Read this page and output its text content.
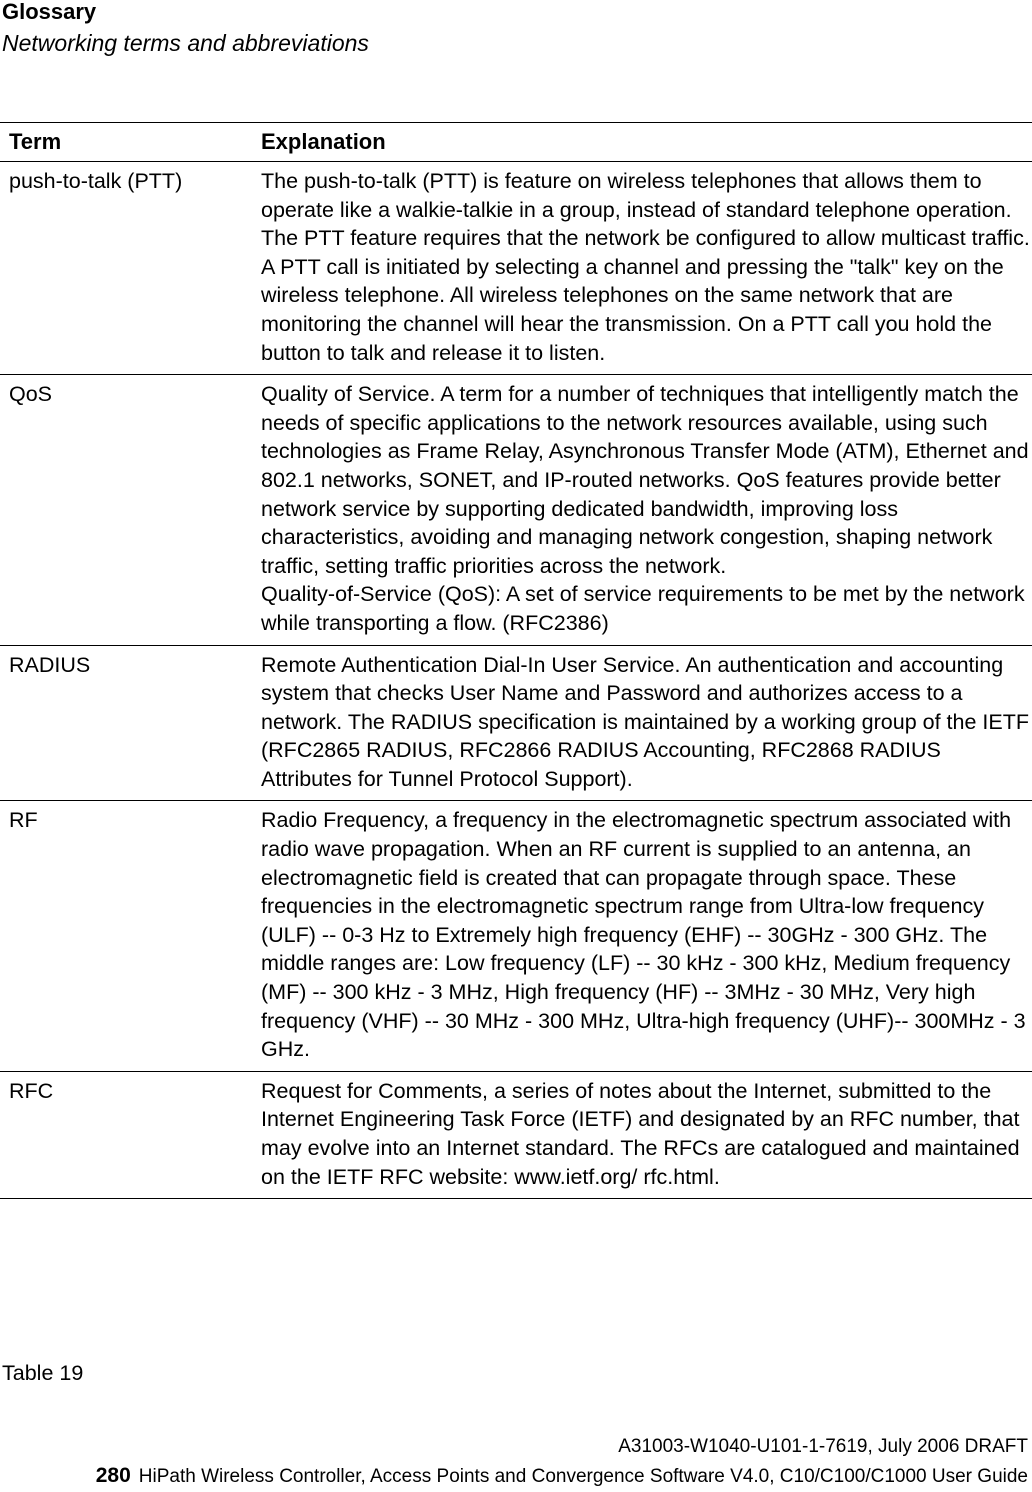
Glossary
Networking terms and abbreviations
Term	Explanation
push-to-talk (PTT)	The push-to-talk (PTT) is feature on wireless telephones that allows them to operate like a walkie-talkie in a group, instead of standard telephone operation. The PTT feature requires that the network be configured to allow multicast traffic.
A PTT call is initiated by selecting a channel and pressing the "talk" key on the wireless telephone. All wireless telephones on the same network that are monitoring the channel will hear the transmission. On a PTT call you hold the button to talk and release it to listen.

QoS	Quality of Service. A term for a number of techniques that intelligently match the needs of specific applications to the network resources available, using such technologies as Frame Relay, Asynchronous Transfer Mode (ATM), Ethernet and 802.1 networks, SONET, and IP-routed networks. QoS features provide better network service by supporting dedicated bandwidth, improving loss characteristics, avoiding and managing network congestion, shaping network traffic, setting traffic priorities across the network.
Quality-of-Service (QoS): A set of service requirements to be met by the network while transporting a flow. (RFC2386)

RADIUS	Remote Authentication Dial-In User Service. An authentication and accounting system that checks User Name and Password and authorizes access to a network. The RADIUS specification is maintained by a working group of the IETF (RFC2865 RADIUS, RFC2866 RADIUS Accounting, RFC2868 RADIUS Attributes for Tunnel Protocol Support).

RF	Radio Frequency, a frequency in the electromagnetic spectrum associated with radio wave propagation. When an RF current is supplied to an antenna, an electromagnetic field is created that can propagate through space. These frequencies in the electromagnetic spectrum range from Ultra-low frequency (ULF) -- 0-3 Hz to Extremely high frequency (EHF) -- 30GHz - 300 GHz. The middle ranges are: Low frequency (LF) -- 30 kHz - 300 kHz, Medium frequency (MF) -- 300 kHz - 3 MHz, High frequency (HF) -- 3MHz - 30 MHz, Very high frequency (VHF) -- 30 MHz - 300 MHz, Ultra-high frequency (UHF)-- 300MHz - 3 GHz.

RFC	Request for Comments, a series of notes about the Internet, submitted to the Internet Engineering Task Force (IETF) and designated by an RFC number, that may evolve into an Internet standard. The RFCs are catalogued and maintained on the IETF RFC website: www.ietf.org/ rfc.html.
Table 19
A31003-W1040-U101-1-7619, July 2006 DRAFT
280 HiPath Wireless Controller, Access Points and Convergence Software V4.0, C10/C100/C1000 User Guide
